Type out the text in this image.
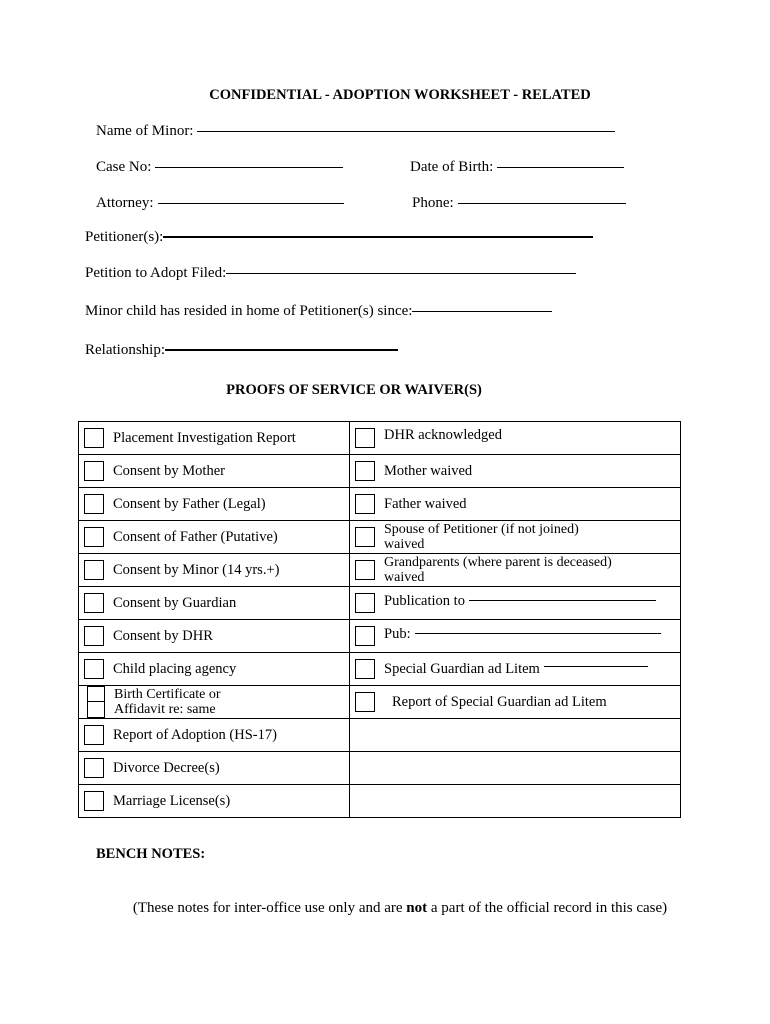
CONFIDENTIAL - ADOPTION WORKSHEET - RELATED
Name of Minor:
Case No:	Date of Birth:
Attorney:	Phone:
Petitioner(s):
Petition to Adopt Filed:
Minor child has resided in home of Petitioner(s) since:
Relationship:
PROOFS OF SERVICE OR WAIVER(S)
Placement Investigation Report	DHR acknowledged

Consent by Mother	Mother waived

Consent by Father (Legal)	Father waived

Consent of Father (Putative)	Spouse of Petitioner (if not joined)
waived

Consent by Minor (14 yrs.+)	Grandparents (where parent is deceased)
waived

Consent by Guardian	Publication to

Consent by DHR	Pub:

Child placing agency	Special Guardian ad Litem

Birth Certificate or
Affidavit re: same	Report of Special Guardian ad Litem

Report of Adoption (HS-17)	

Divorce Decree(s)	

Marriage License(s)	

BENCH NOTES:
(These notes for inter-office use only and are not a part of the official record in this case)
